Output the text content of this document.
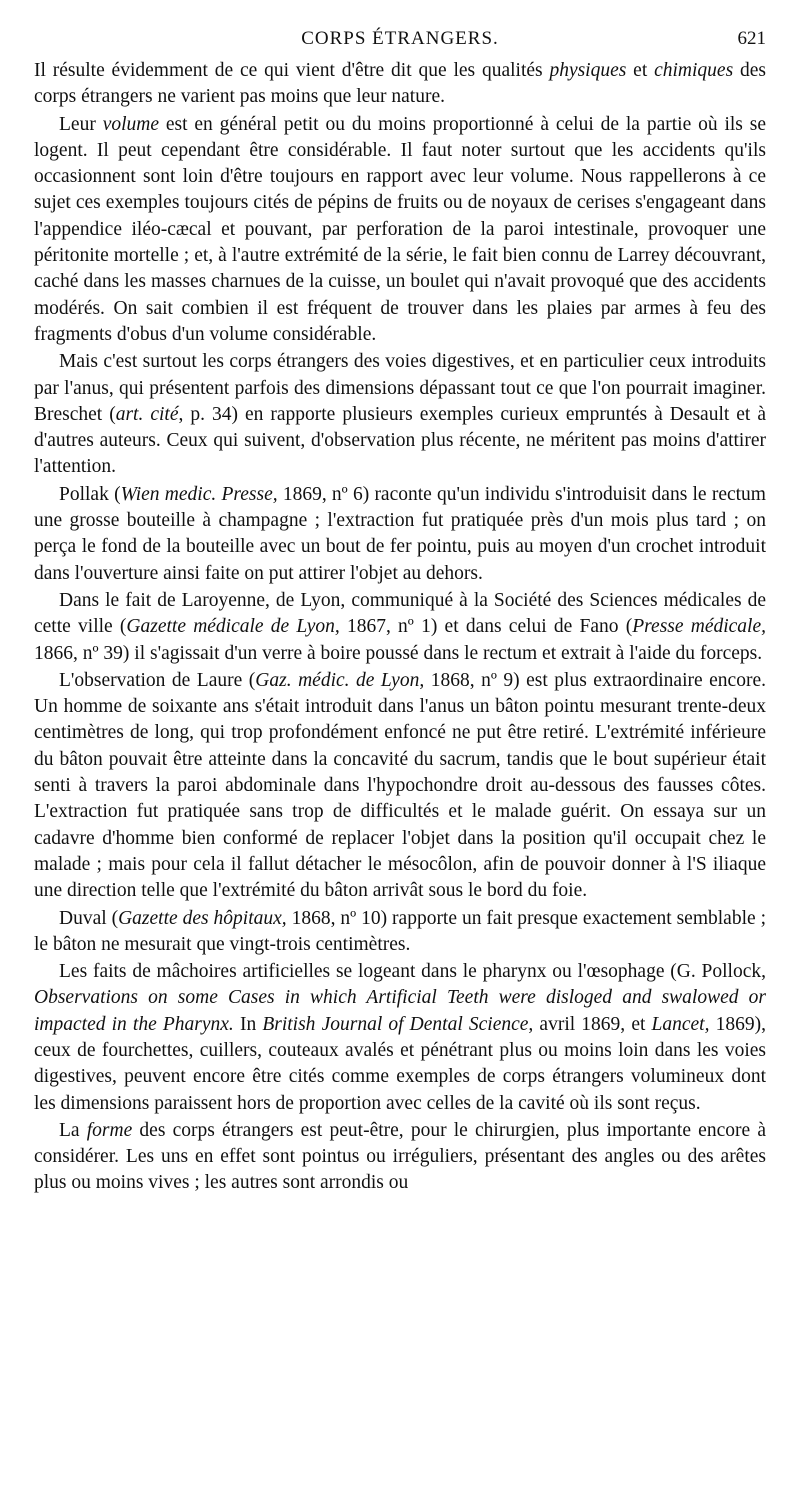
CORPS ÉTRANGERS.	621

Il résulte évidemment de ce qui vient d'être dit que les qualités physiques et chimiques des corps étrangers ne varient pas moins que leur nature.

Leur volume est en général petit ou du moins proportionné à celui de la partie où ils se logent. Il peut cependant être considérable. Il faut noter surtout que les accidents qu'ils occasionnent sont loin d'être toujours en rapport avec leur volume. Nous rappellerons à ce sujet ces exemples toujours cités de pépins de fruits ou de noyaux de cerises s'engageant dans l'appendice iléo-cæcal et pouvant, par perforation de la paroi intestinale, provoquer une péritonite mortelle ; et, à l'autre extrémité de la série, le fait bien connu de Larrey découvrant, caché dans les masses charnues de la cuisse, un boulet qui n'avait provoqué que des accidents modérés. On sait combien il est fréquent de trouver dans les plaies par armes à feu des fragments d'obus d'un volume considérable.

Mais c'est surtout les corps étrangers des voies digestives, et en particulier ceux introduits par l'anus, qui présentent parfois des dimensions dépassant tout ce que l'on pourrait imaginer. Breschet (art. cité, p. 34) en rapporte plusieurs exemples curieux empruntés à Desault et à d'autres auteurs. Ceux qui suivent, d'observation plus récente, ne méritent pas moins d'attirer l'attention.

Pollak (Wien medic. Presse, 1869, nº 6) raconte qu'un individu s'introduisit dans le rectum une grosse bouteille à champagne ; l'extraction fut pratiquée près d'un mois plus tard ; on perça le fond de la bouteille avec un bout de fer pointu, puis au moyen d'un crochet introduit dans l'ouverture ainsi faite on put attirer l'objet au dehors.

Dans le fait de Laroyenne, de Lyon, communiqué à la Société des Sciences médicales de cette ville (Gazette médicale de Lyon, 1867, nº 1) et dans celui de Fano (Presse médicale, 1866, nº 39) il s'agissait d'un verre à boire poussé dans le rectum et extrait à l'aide du forceps.

L'observation de Laure (Gaz. médic. de Lyon, 1868, nº 9) est plus extraordinaire encore. Un homme de soixante ans s'était introduit dans l'anus un bâton pointu mesurant trente-deux centimètres de long, qui trop profondément enfoncé ne put être retiré. L'extrémité inférieure du bâton pouvait être atteinte dans la concavité du sacrum, tandis que le bout supérieur était senti à travers la paroi abdominale dans l'hypochondre droit au-dessous des fausses côtes. L'extraction fut pratiquée sans trop de difficultés et le malade guérit. On essaya sur un cadavre d'homme bien conformé de replacer l'objet dans la position qu'il occupait chez le malade ; mais pour cela il fallut détacher le mésocôlon, afin de pouvoir donner à l'S iliaque une direction telle que l'extrémité du bâton arrivât sous le bord du foie.

Duval (Gazette des hôpitaux, 1868, nº 10) rapporte un fait presque exactement semblable ; le bâton ne mesurait que vingt-trois centimètres.

Les faits de mâchoires artificielles se logeant dans le pharynx ou l'œsophage (G. Pollock, Observations on some Cases in which Artificial Teeth were disloged and swalowed or impacted in the Pharynx. In British Journal of Dental Science, avril 1869, et Lancet, 1869), ceux de fourchettes, cuillers, couteaux avalés et pénétrant plus ou moins loin dans les voies digestives, peuvent encore être cités comme exemples de corps étrangers volumineux dont les dimensions paraissent hors de proportion avec celles de la cavité où ils sont reçus.

La forme des corps étrangers est peut-être, pour le chirurgien, plus importante encore à considérer. Les uns en effet sont pointus ou irréguliers, présentant des angles ou des arêtes plus ou moins vives ; les autres sont arrondis ou
